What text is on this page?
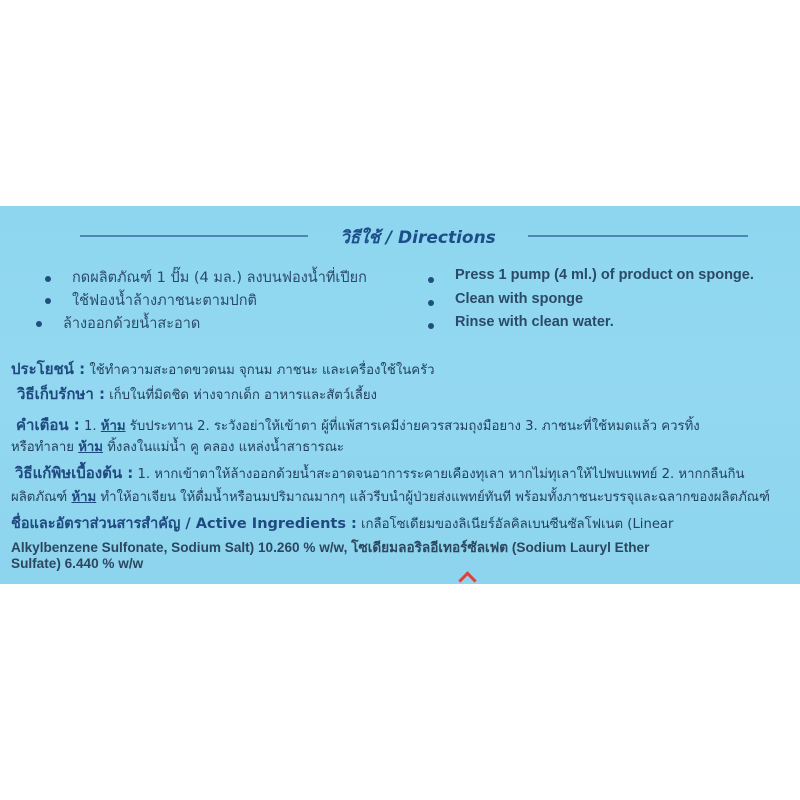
วิธีใช้ / Directions
กดผลิตภัณฑ์ 1 ปั๊ม (4 มล.) ลงบนฟองน้ำที่เปียก
ใช้ฟองน้ำล้างภาชนะตามปกติ
ล้างออกด้วยน้ำสะอาด
Press 1 pump (4 ml.) of product on sponge.
Clean with sponge
Rinse with clean water.
ประโยชน์ : ใช้ทำความสะอาดขวดนม จุกนม ภาชนะ และเครื่องใช้ในครัว
วิธีเก็บรักษา : เก็บในที่มิดชิด ห่างจากเด็ก อาหารและสัตว์เลี้ยง
คำเตือน : 1. ห้าม รับประทาน 2. ระวังอย่าให้เข้าตา ผู้ที่แพ้สารเคมีง่ายควรสวมถุงมือยาง 3. ภาชนะที่ใช้หมดแล้ว ควรทิ้ง
หรือทำลาย ห้าม ทิ้งลงในแม่น้ำ คู คลอง แหล่งน้ำสาธารณะ
วิธีแก้พิษเบื้องต้น : 1. หากเข้าตาให้ล้างออกด้วยน้ำสะอาดจนอาการระคายเคืองทุเลา หากไม่ทุเลาให้ไปพบแพทย์ 2. หากกลืนกิน
ผลิตภัณฑ์ ห้าม ทำให้อาเจียน ให้ดื่มน้ำหรือนมปริมาณมากๆ แล้วรีบนำผู้ป่วยส่งแพทย์ทันที พร้อมทั้งภาชนะบรรจุและฉลากของผลิตภัณฑ์
ชื่อและอัตราส่วนสารสำคัญ / Active Ingredients : เกลือโซเดียมของลิเนียร์อัลคิลเบนซีนซัลโฟเนต (Linear
Alkylbenzene Sulfonate, Sodium Salt) 10.260 % w/w, โซเดียมลอริลอีเทอร์ซัลเฟต (Sodium Lauryl Ether
Sulfate) 6.440 % w/w
